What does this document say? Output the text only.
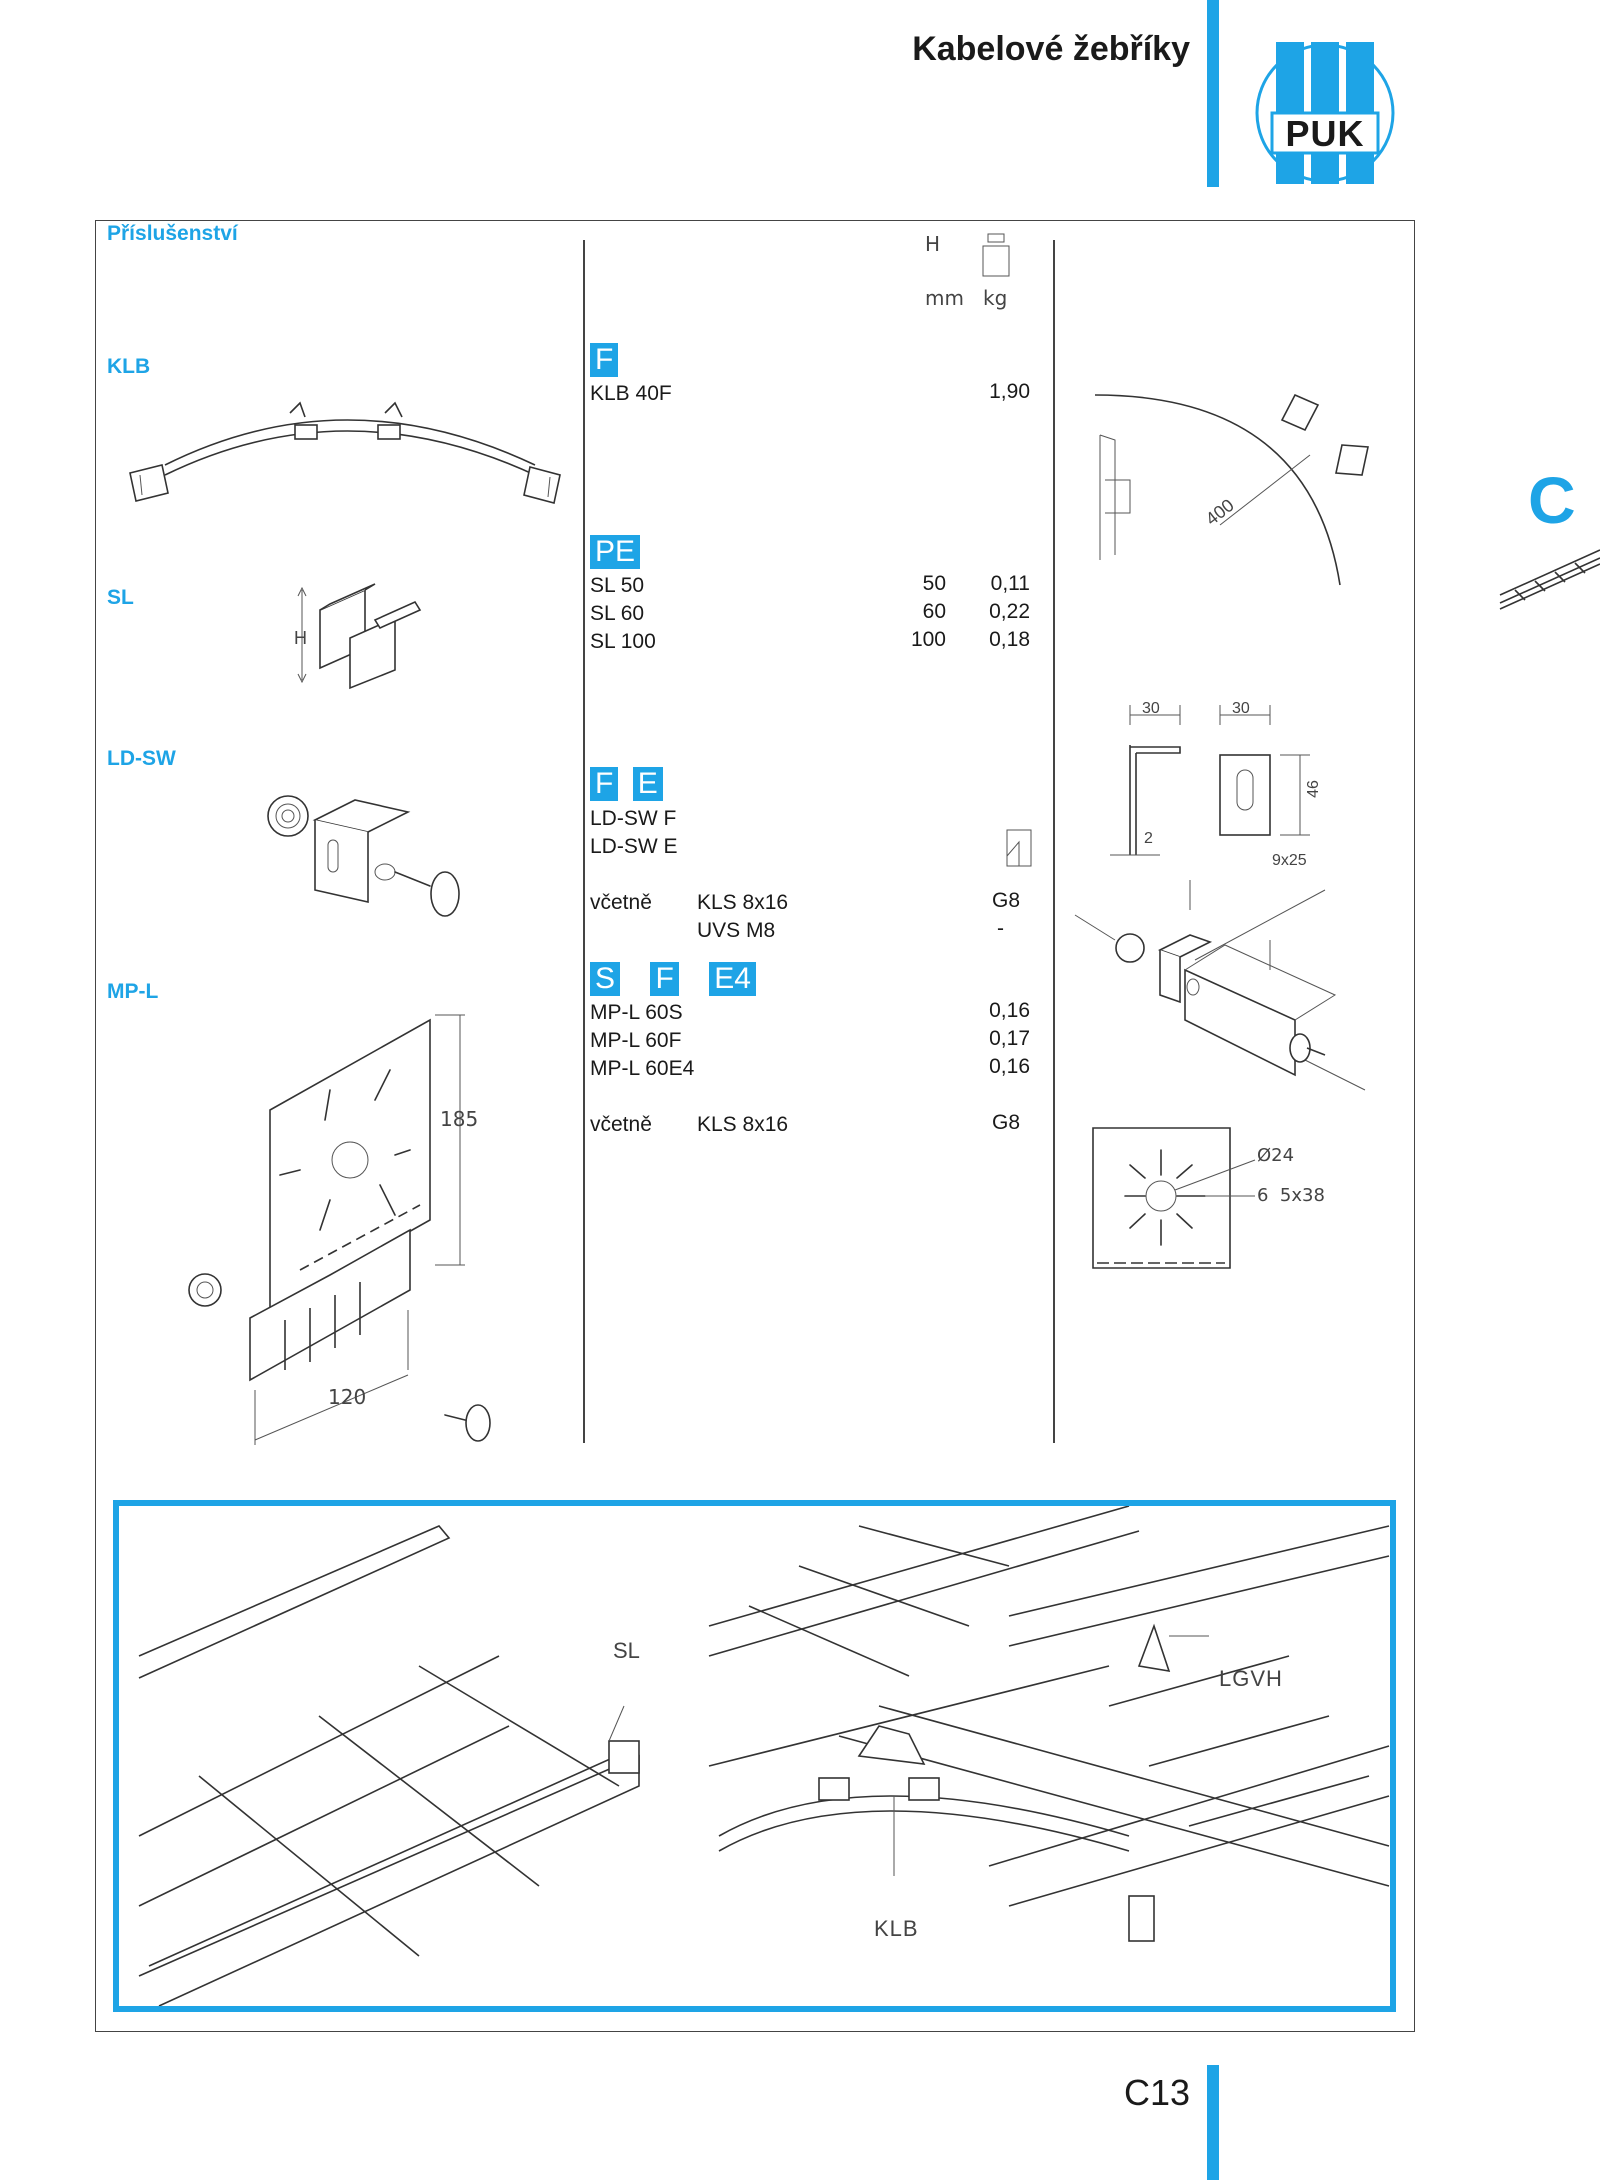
Kabelové žebříky
PUK
Příslušenství
KLB
SL
LD-SW
MP-L
H
mm kg
F
KLB 40F	1,90
PE
SL 50	50	0,11
SL 60	60	0,22
SL 100	100	0,18
F E
LD-SW F
LD-SW E
včetně KLS 8x16	G8
UVS M8	-
S F E4
MP-L 60S	0,16
MP-L 60F	0,17
MP-L 60E4	0,16
včetně KLS 8x16	G8
H
185
120
400
30	30
2
46
9x25
Ø24
6  5x38
SL
LGVH
KLB
C
C13
